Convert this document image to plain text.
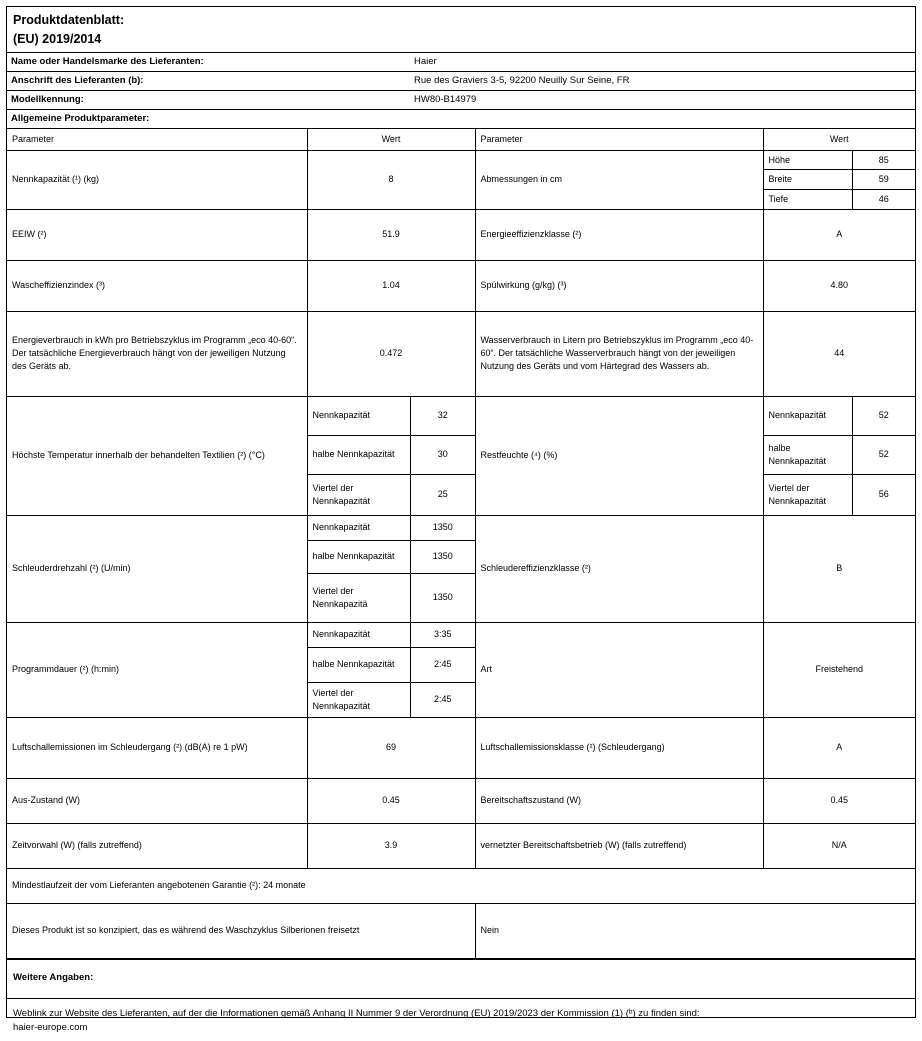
Produktdatenblatt:
(EU) 2019/2014
Name oder Handelsmarke des Lieferanten:	Haier
Anschrift des Lieferanten (b):	Rue des Graviers 3-5, 92200 Neuilly Sur Seine, FR
Modellkennung:	HW80-B14979
Allgemeine Produktparameter:	
Parameter	Wert	Parameter	Wert
Nennkapazität (¹) (kg)	8	Abmessungen in cm	
Höhe	85
Breite	59
Tiefe	46

EEIW (²)	51.9	Energieeffizienzklasse (²)	A
Wascheffizienzindex (³)	1.04	Spülwirkung (g/kg) (³)	4.80
Energieverbrauch in kWh pro Betriebszyklus im Programm „eco 40-60“. Der tatsächliche Energieverbrauch hängt von der jeweiligen Nutzung des Geräts ab.	0.472	Wasserverbrauch in Litern pro Betriebszyklus im Programm „eco 40-60“. Der tatsächliche Wasserverbrauch hängt von der jeweiligen Nutzung des Geräts und vom Härtegrad des Wassers ab.	44
Höchste Temperatur innerhalb der behandelten Textilien (²) (°C)	
Nennkapazität	32
halbe Nennkapazität	30
Viertel der Nennkapazität	25
	Restfeuchte (⁴) (%)	
Nennkapazität	52
halbe Nennkapazität	52
Viertel der Nennkapazität	56

Schleuderdrehzahl (²) (U/min)	
Nennkapazität	1350
halbe Nennkapazität	1350
Viertel der Nennkapazitä	1350
	Schleudereffizienzklasse (²)	B
Programmdauer (²) (h:min)	
Nennkapazität	3:35
halbe Nennkapazität	2:45
Viertel der Nennkapazität	2:45
	Art	Freistehend
Luftschallemissionen im Schleudergang (²) (dB(A) re 1 pW)	69	Luftschallemissionsklasse (²) (Schleudergang)	A
Aus-Zustand (W)	0.45	Bereitschaftszustand (W)	0.45
Zeitvorwahl (W) (falls zutreffend)	3.9	vernetzter Bereitschaftsbetrieb (W) (falls zutreffend)	N/A
Mindestlaufzeit der vom Lieferanten angebotenen Garantie (²): 24 monate	
Dieses Produkt ist so konzipiert, das es während des Waschzyklus Silberionen freisetzt	Nein
Weitere Angaben:
Weblink zur Website des Lieferanten, auf der die Informationen gemäß Anhang II Nummer 9 der Verordnung (EU) 2019/2023 der Kommission (1) (ᵇ) zu finden sind:
haier-europe.com
